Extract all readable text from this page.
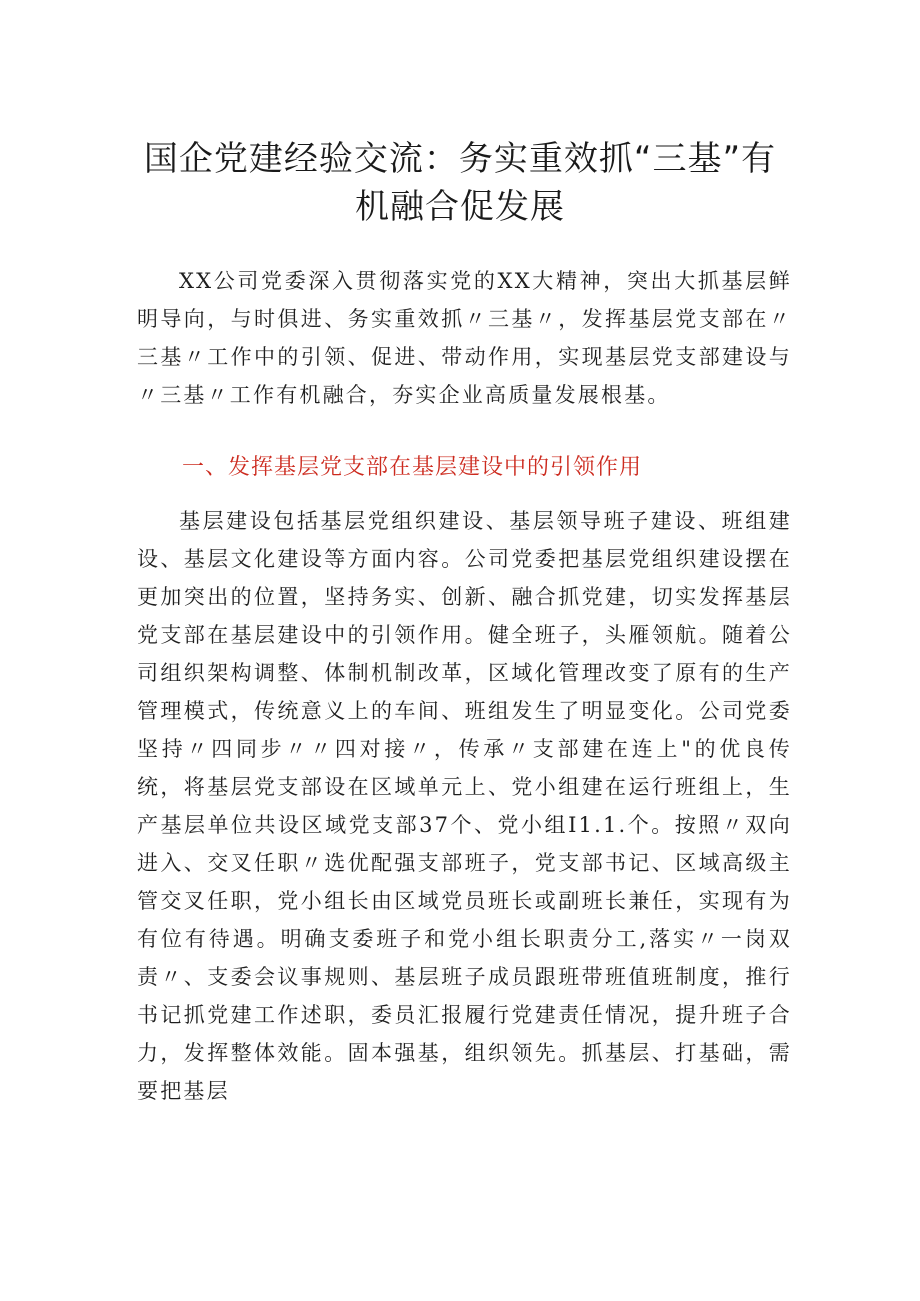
国企党建经验交流：务实重效抓“三基”有
机融合促发展

XX公司党委深入贯彻落实党的XX大精神，突出大抓基层鲜明导向，与时俱进、务实重效抓〃三基〃，发挥基层党支部在〃三基〃工作中的引领、促进、带动作用，实现基层党支部建设与〃三基〃工作有机融合，夯实企业高质量发展根基。

一、发挥基层党支部在基层建设中的引领作用

基层建设包括基层党组织建设、基层领导班子建设、班组建设、基层文化建设等方面内容。公司党委把基层党组织建设摆在更加突出的位置，坚持务实、创新、融合抓党建，切实发挥基层党支部在基层建设中的引领作用。健全班子，头雁领航。随着公司组织架构调整、体制机制改革，区域化管理改变了原有的生产管理模式，传统意义上的车间、班组发生了明显变化。公司党委坚持〃四同步〃〃四对接〃，传承〃支部建在连上"的优良传统，将基层党支部设在区域单元上、党小组建在运行班组上，生产基层单位共设区域党支部37个、党小组I1.1.个。按照〃双向进入、交叉任职〃选优配强支部班子，党支部书记、区域高级主管交叉任职，党小组长由区域党员班长或副班长兼任，实现有为有位有待遇。明确支委班子和党小组长职责分工,落实〃一岗双责〃、支委会议事规则、基层班子成员跟班带班值班制度，推行书记抓党建工作述职，委员汇报履行党建责任情况，提升班子合力，发挥整体效能。固本强基，组织领先。抓基层、打基础，需要把基层
